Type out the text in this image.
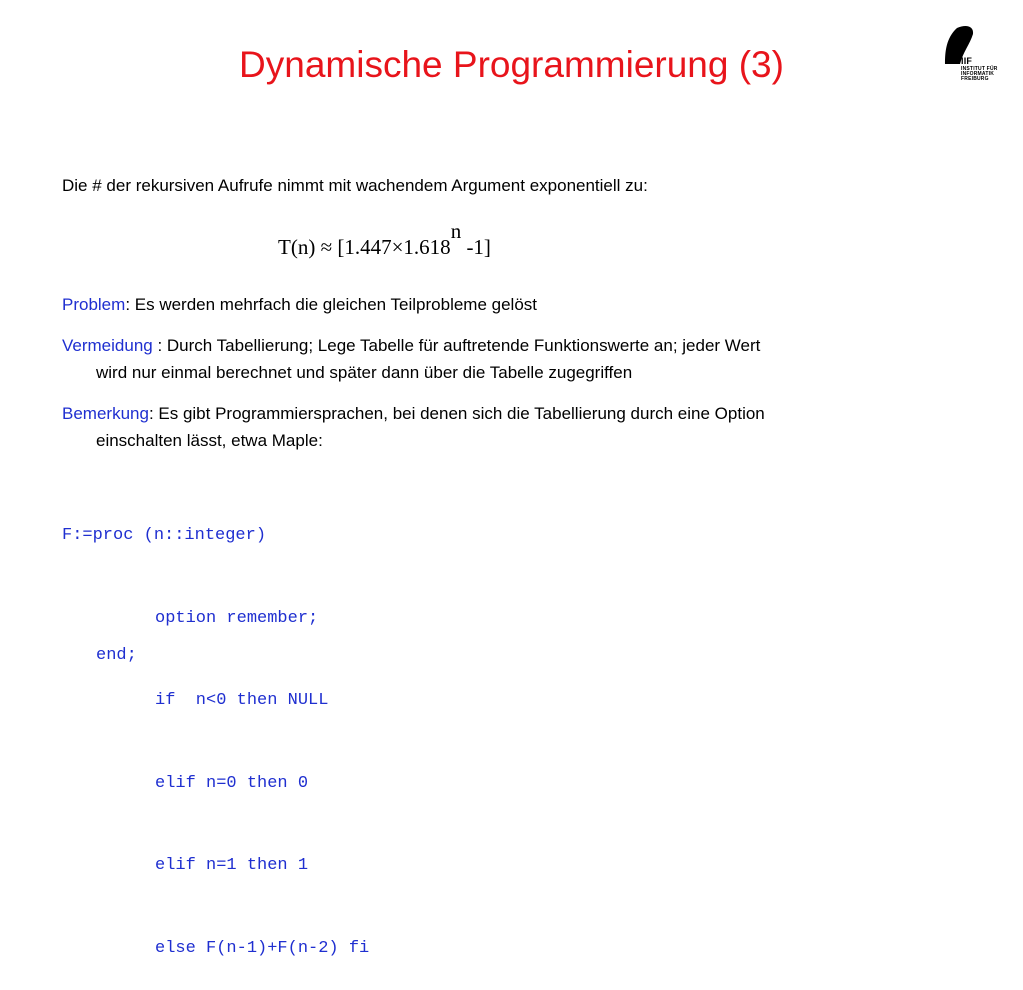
Dynamische Programmierung (3)	IIF
INSTITUT FÜR
INFORMATIK
FREIBURG
Die # der rekursiven Aufrufe nimmt mit wachendem Argument exponentiell zu:
$T(n) \approx [1.447\times 1.618^n$ -1]
Problem: Es werden mehrfach die gleichen Teilprobleme gelöst
Vermeidung : Durch Tabellierung; Lege Tabelle für auftretende Funktionswerte an; jeder Wert
wird nur einmal berechnet und später dann über die Tabelle zugegriffen
Bemerkung: Es gibt Programmiersprachen, bei denen sich die Tabellierung durch eine Option
einschalten lässt, etwa Maple:

F:=proc (n::integer)

option remember;

if  n<0 then NULL

elif n=0 then 0

elif n=1 then 1

else F(n-1)+F(n-2) fi

end;
